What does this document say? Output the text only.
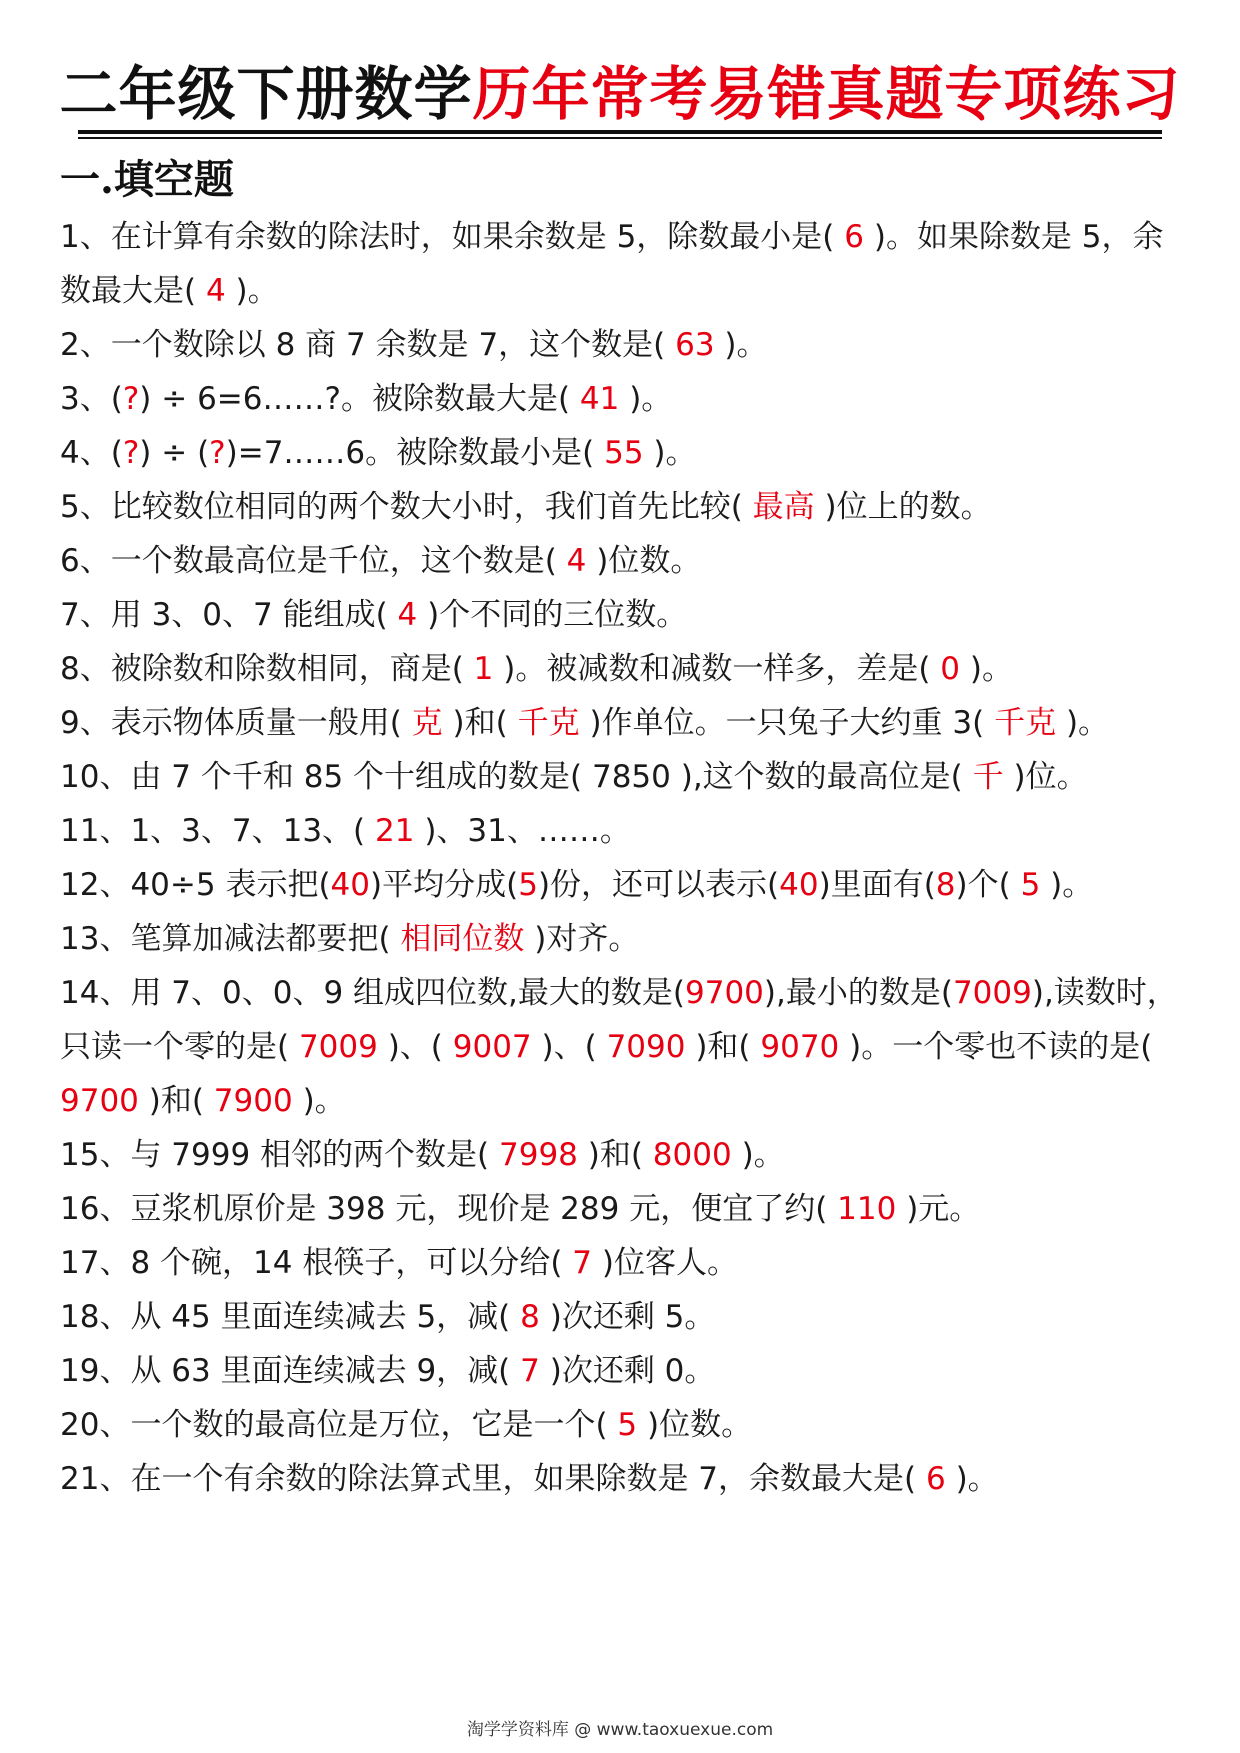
二年级下册数学历年常考易错真题专项练习
一.填空题
1、在计算有余数的除法时，如果余数是 5，除数最小是( 6 )。如果除数是 5，余数最大是( 4 )。
2、一个数除以 8 商 7 余数是 7，这个数是( 63 )。
3、(?) ÷ 6=6……?。被除数最大是( 41 )。
4、(?) ÷ (?)=7……6。被除数最小是( 55 )。
5、比较数位相同的两个数大小时，我们首先比较( 最高 )位上的数。
6、一个数最高位是千位，这个数是( 4 )位数。
7、用 3、0、7 能组成( 4 )个不同的三位数。
8、被除数和除数相同，商是( 1 )。被减数和减数一样多，差是( 0 )。
9、表示物体质量一般用( 克 )和( 千克 )作单位。一只兔子大约重 3( 千克 )。
10、由 7 个千和 85 个十组成的数是( 7850 ),这个数的最高位是( 千 )位。
11、1、3、7、13、( 21 )、31、……。
12、40÷5 表示把(40)平均分成(5)份，还可以表示(40)里面有(8)个( 5 )。
13、笔算加减法都要把( 相同位数 )对齐。
14、用 7、0、0、9 组成四位数,最大的数是(9700),最小的数是(7009),读数时，只读一个零的是( 7009 )、( 9007 )、( 7090 )和( 9070 )。一个零也不读的是( 9700 )和( 7900 )。
15、与 7999 相邻的两个数是( 7998 )和( 8000 )。
16、豆浆机原价是 398 元，现价是 289 元，便宜了约( 110 )元。
17、8 个碗，14 根筷子，可以分给( 7 )位客人。
18、从 45 里面连续减去 5，减( 8 )次还剩 5。
19、从 63 里面连续减去 9，减( 7 )次还剩 0。
20、一个数的最高位是万位，它是一个( 5 )位数。
21、在一个有余数的除法算式里，如果除数是 7，余数最大是( 6 )。
淘学学资料库 @ www.taoxuexue.com
